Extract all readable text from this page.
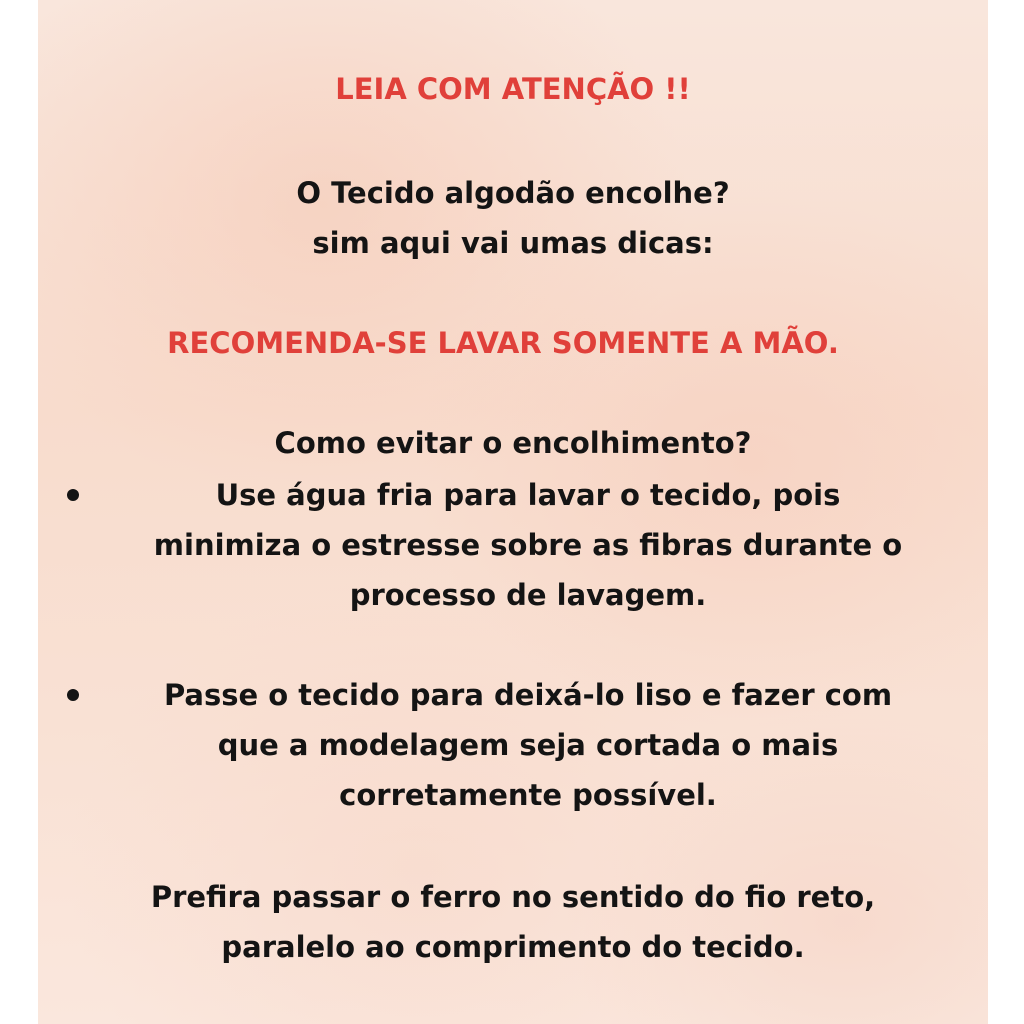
LEIA COM ATENÇÃO !!
O Tecido algodão encolhe?
sim aqui vai umas dicas:
RECOMENDA-SE LAVAR SOMENTE A MÃO.
Como evitar o encolhimento?
Use água fria para lavar o tecido, pois
minimiza o estresse sobre as fibras durante o
processo de lavagem.
Passe o tecido para deixá-lo liso e fazer com
que a modelagem seja cortada o mais
corretamente possível.
Prefira passar o ferro no sentido do fio reto,
paralelo ao comprimento do tecido.
